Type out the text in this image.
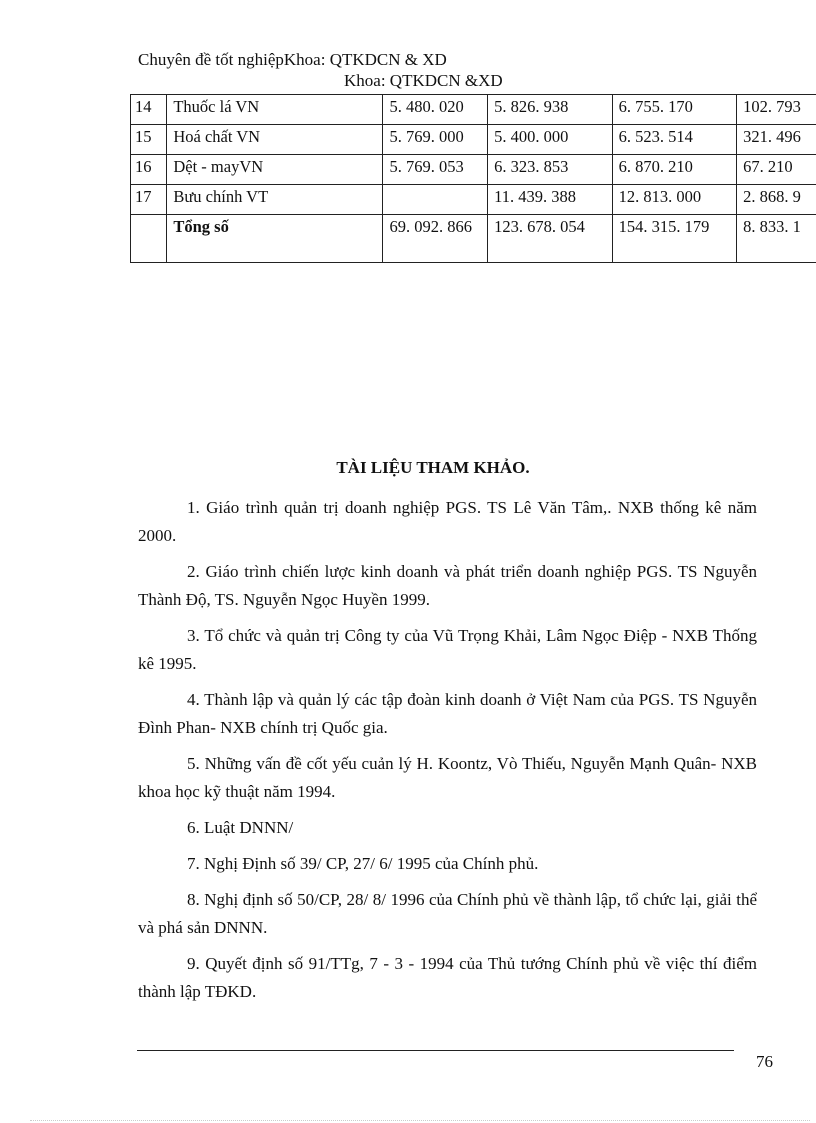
Chuyên đề tốt nghiệpKhoa: QTKDCN & XD
Khoa: QTKDCN &XD
14	Thuốc lá VN	5. 480. 020	5. 826. 938	6. 755. 170	102. 793
15	Hoá chất VN	5. 769. 000	5. 400. 000	6. 523. 514	321. 496
16	Dệt - mayVN	5. 769. 053	6. 323. 853	6. 870. 210	67. 210
17	Bưu chính VT		11. 439. 388	12. 813. 000	2. 868. 9
	Tổng số	69. 092. 866	123. 678. 054	154. 315. 179	8. 833. 1
TÀI LIỆU THAM KHẢO.

1. Giáo trình quản trị doanh nghiệp PGS. TS Lê Văn Tâm,. NXB thống kê năm 2000.

2. Giáo trình chiến lược kinh doanh và phát triển doanh nghiệp PGS. TS Nguyễn Thành Độ, TS. Nguyễn Ngọc Huyền 1999.

3. Tổ chức và quản trị Công ty của Vũ Trọng Khải, Lâm Ngọc Điệp - NXB Thống kê 1995.

4. Thành lập và quản lý các tập đoàn kinh doanh ở Việt Nam của PGS. TS Nguyễn Đình Phan- NXB chính trị Quốc gia.

5. Những vấn đề cốt yếu cuản lý H. Koontz, Vò Thiếu, Nguyễn Mạnh Quân- NXB khoa học kỹ thuật năm 1994.

6. Luật DNNN/

7. Nghị Định số 39/ CP, 27/ 6/ 1995 của Chính phủ.

8. Nghị định số 50/CP, 28/ 8/ 1996 của Chính phủ về thành lập, tổ chức lại, giải thể và phá sản DNNN.

9. Quyết định số 91/TTg, 7 - 3 - 1994 của Thủ tướng Chính phủ về việc thí điểm thành lập TĐKD.

76
